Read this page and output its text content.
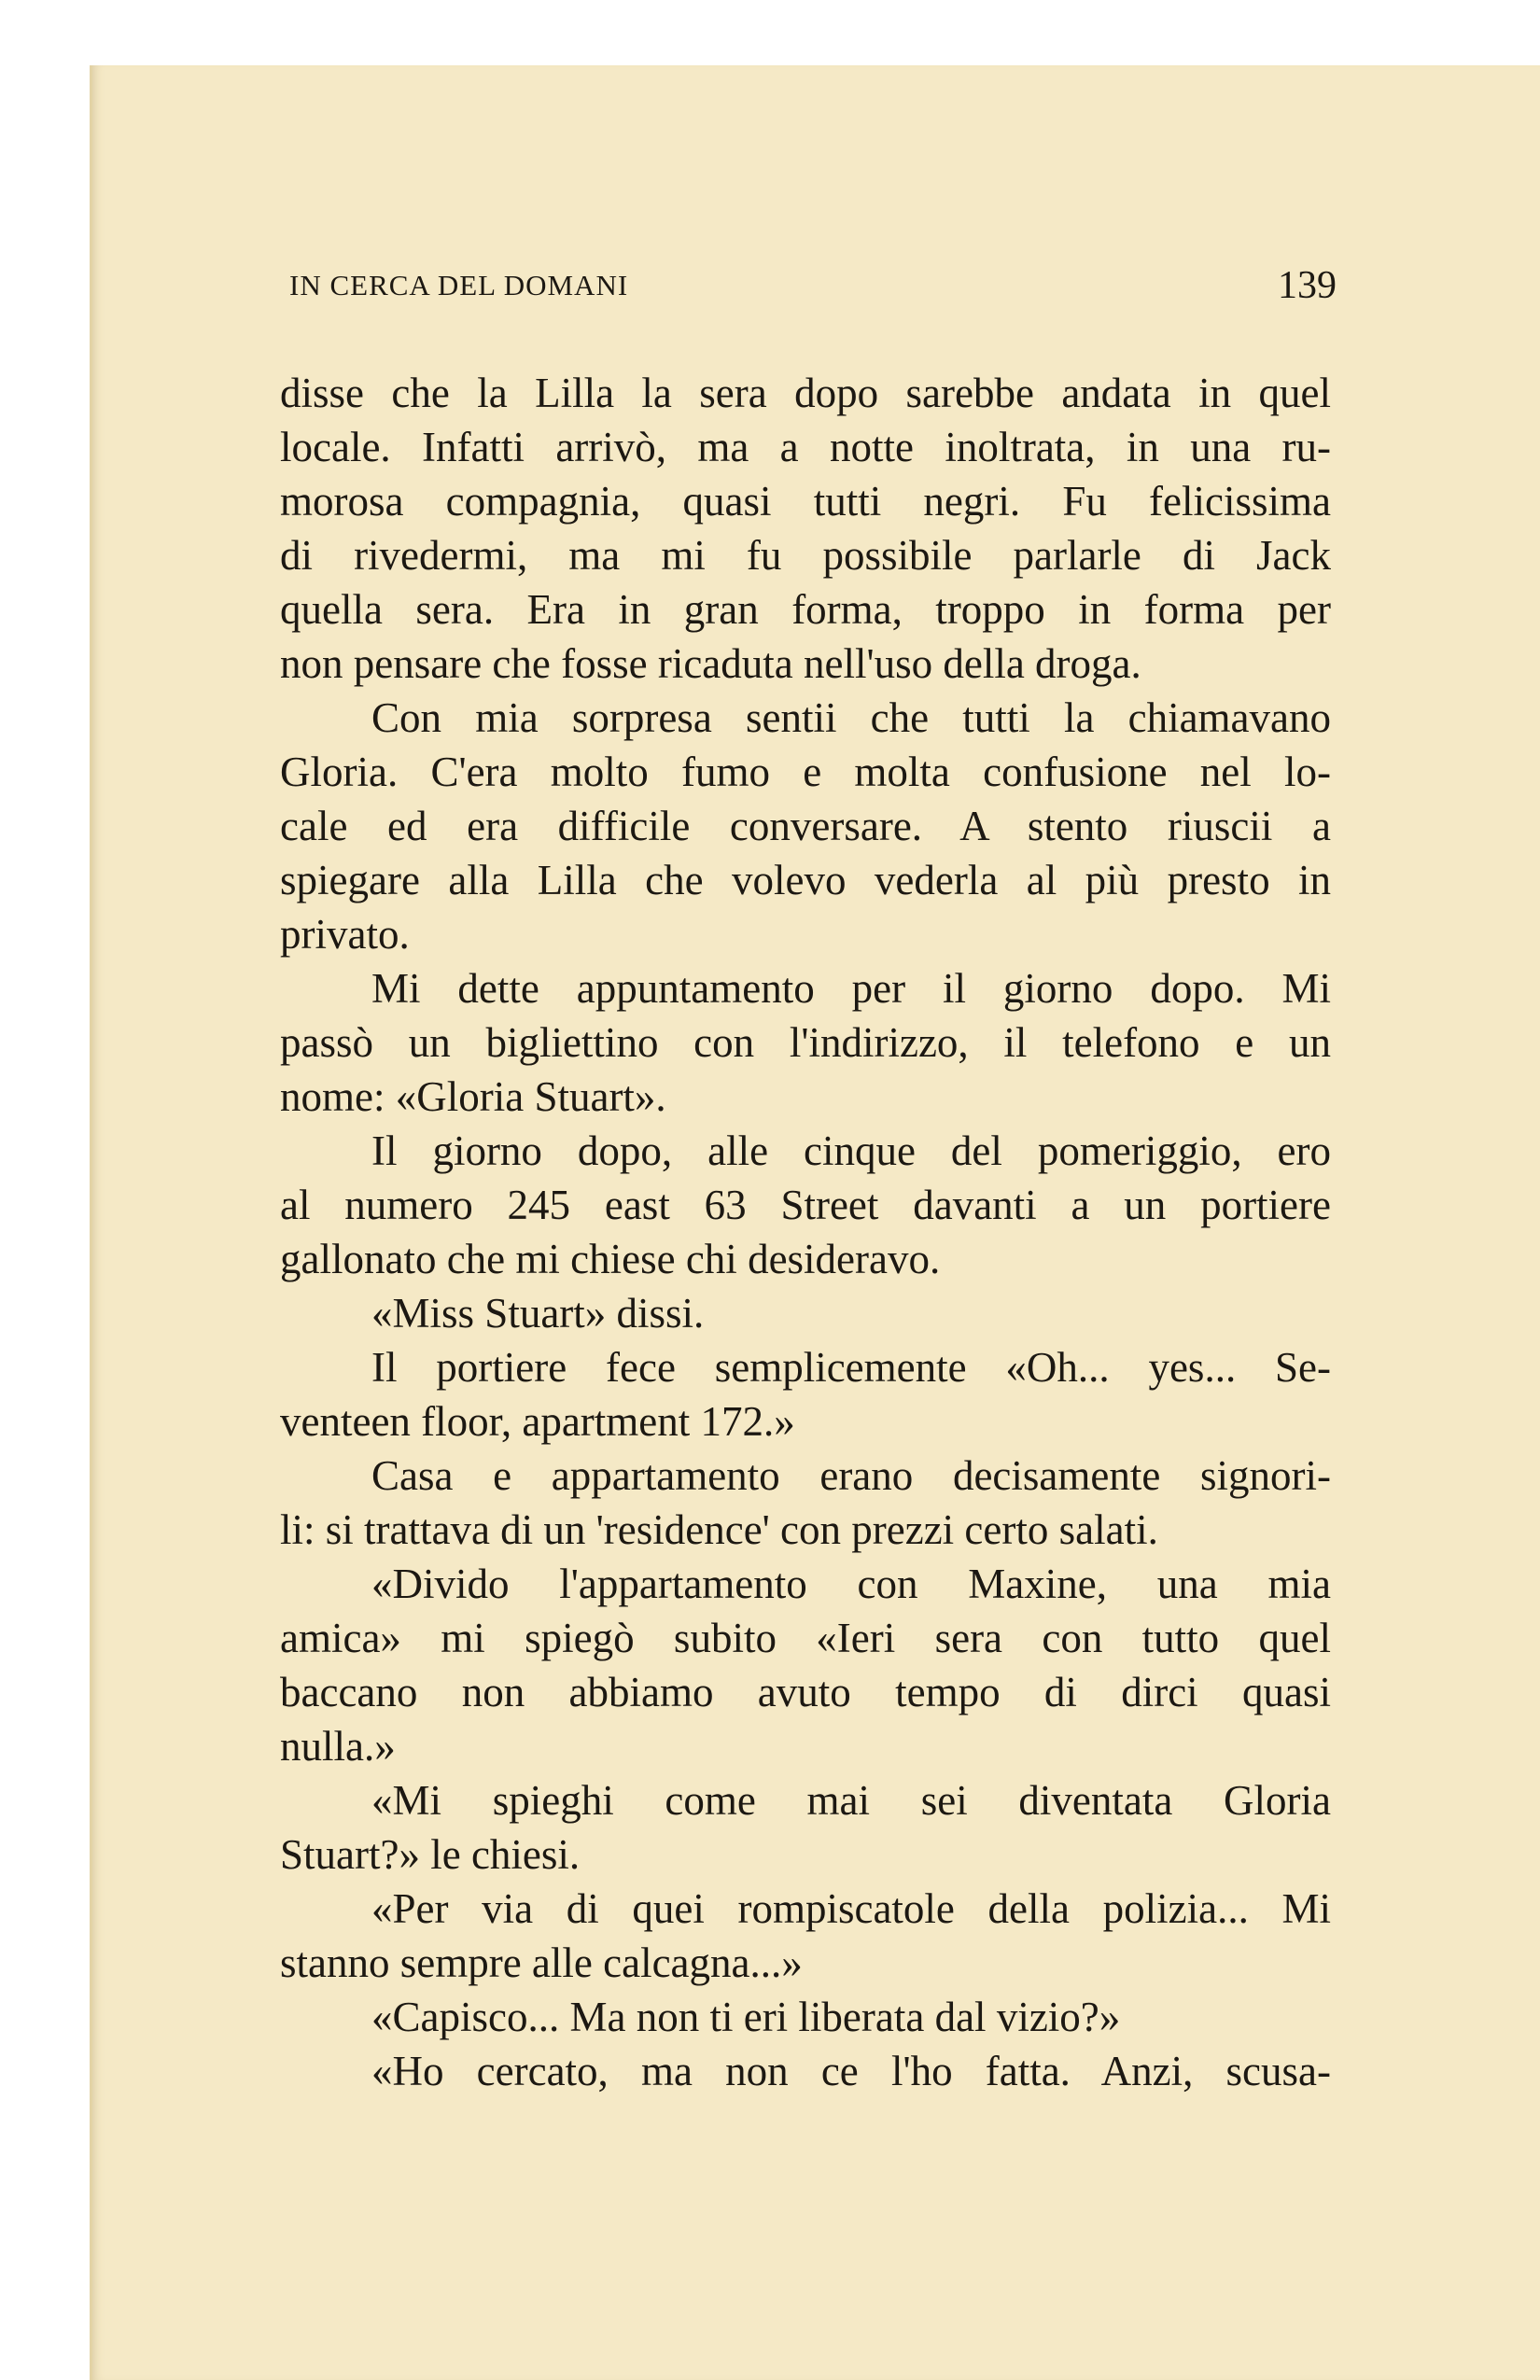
IN CERCA DEL DOMANI	139
disse che la Lilla la sera dopo sarebbe andata in quel
locale. Infatti arrivò, ma a notte inoltrata, in una ru-
morosa compagnia, quasi tutti negri. Fu felicissima
di rivedermi, ma mi fu possibile parlarle di Jack
quella sera. Era in gran forma, troppo in forma per
non pensare che fosse ricaduta nell'uso della droga.
Con mia sorpresa sentii che tutti la chiamavano
Gloria. C'era molto fumo e molta confusione nel lo-
cale ed era difficile conversare. A stento riuscii a
spiegare alla Lilla che volevo vederla al più presto in
privato.
Mi dette appuntamento per il giorno dopo. Mi
passò un bigliettino con l'indirizzo, il telefono e un
nome: «Gloria Stuart».
Il giorno dopo, alle cinque del pomeriggio, ero
al numero 245 east 63 Street davanti a un portiere
gallonato che mi chiese chi desideravo.
«Miss Stuart» dissi.
Il portiere fece semplicemente «Oh... yes... Se-
venteen floor, apartment 172.»
Casa e appartamento erano decisamente signori-
li: si trattava di un 'residence' con prezzi certo salati.
«Divido l'appartamento con Maxine, una mia
amica» mi spiegò subito «Ieri sera con tutto quel
baccano non abbiamo avuto tempo di dirci quasi
nulla.»
«Mi spieghi come mai sei diventata Gloria
Stuart?» le chiesi.
«Per via di quei rompiscatole della polizia... Mi
stanno sempre alle calcagna...»
«Capisco... Ma non ti eri liberata dal vizio?»
«Ho cercato, ma non ce l'ho fatta. Anzi, scusa-
